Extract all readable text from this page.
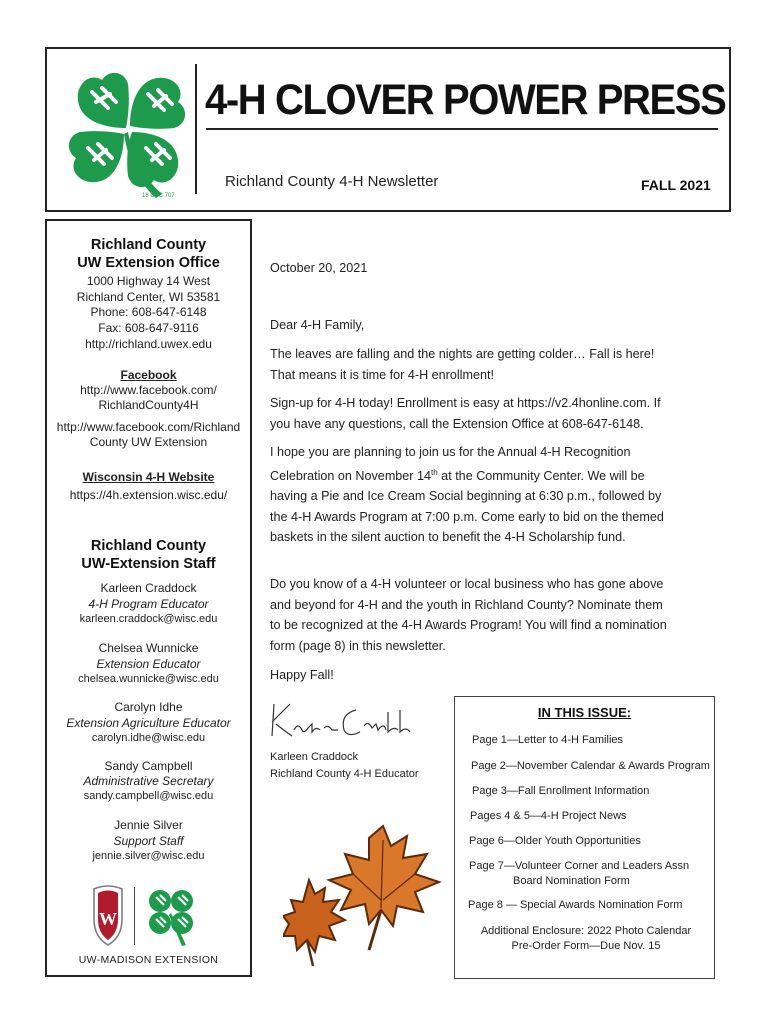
18 USC 707
4-H CLOVER POWER PRESS
Richland County 4-H Newsletter	FALL 2021
Richland County
UW Extension Office
1000 Highway 14 West
Richland Center, WI 53581
Phone: 608-647-6148
Fax: 608-647-9116
http://richland.uwex.edu
Facebook
http://www.facebook.com/
RichlandCounty4H
http://www.facebook.com/Richland
County UW Extension
Wisconsin 4-H Website
https://4h.extension.wisc.edu/
Richland County
UW-Extension Staff
Karleen Craddock
4-H Program Educator
karleen.craddock@wisc.edu
Chelsea Wunnicke
Extension Educator
chelsea.wunnicke@wisc.edu
Carolyn Idhe
Extension Agriculture Educator
carolyn.idhe@wisc.edu
Sandy Campbell
Administrative Secretary
sandy.campbell@wisc.edu
Jennie Silver
Support Staff
jennie.silver@wisc.edu
W
UW-MADISON EXTENSION
October 20, 2021
Dear 4-H Family,
The leaves are falling and the nights are getting colder… Fall is here! That means it is time for 4-H enrollment!
Sign-up for 4-H today! Enrollment is easy at https://v2.4honline.com. If you have any questions, call the Extension Office at 608-647-6148.
I hope you are planning to join us for the Annual 4-H Recognition Celebration on November 14th at the Community Center. We will be having a Pie and Ice Cream Social beginning at 6:30 p.m., followed by the 4-H Awards Program at 7:00 p.m. Come early to bid on the themed baskets in the silent auction to benefit the 4-H Scholarship fund.
Do you know of a 4-H volunteer or local business who has gone above and beyond for 4-H and the youth in Richland County? Nominate them to be recognized at the 4-H Awards Program! You will find a nomination form (page 8) in this newsletter.
Happy Fall!
Karleen Craddock
Richland County 4-H Educator
IN THIS ISSUE:
Page 1—Letter to 4-H Families
Page 2—November Calendar & Awards Program
Page 3—Fall Enrollment Information
Pages 4 & 5—4-H Project News
Page 6—Older Youth Opportunities
Page 7—Volunteer Corner and Leaders Assn
Board Nomination Form
Page 8 — Special Awards Nomination Form
Additional Enclosure: 2022 Photo Calendar
Pre-Order Form—Due Nov. 15
